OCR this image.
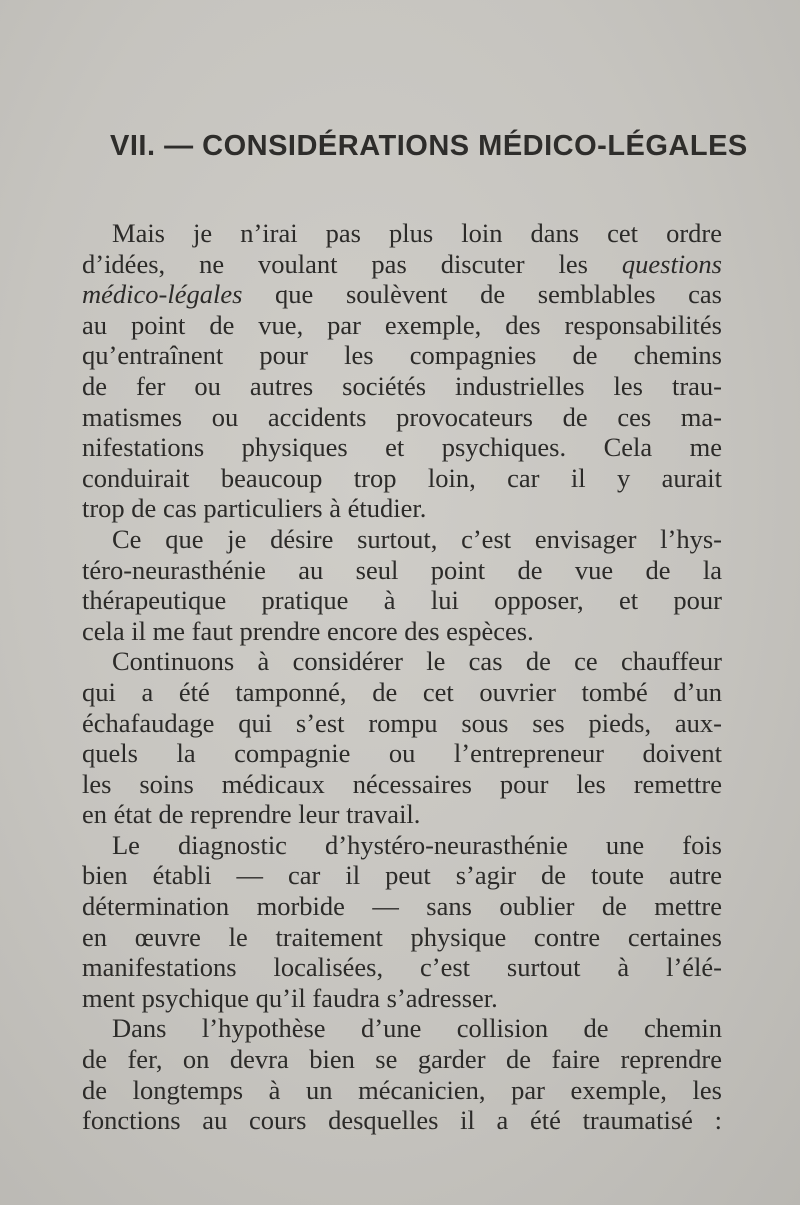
VII. — CONSIDÉRATIONS MÉDICO-LÉGALES
Mais je n’irai pas plus loin dans cet ordre
d’idées, ne voulant pas discuter les questions
médico-légales que soulèvent de semblables cas
au point de vue, par exemple, des responsabilités
qu’entraînent pour les compagnies de chemins
de fer ou autres sociétés industrielles les trau-
matismes ou accidents provocateurs de ces ma-
nifestations physiques et psychiques. Cela me
conduirait beaucoup trop loin, car il y aurait
trop de cas particuliers à étudier.
Ce que je désire surtout, c’est envisager l’hys-
téro-neurasthénie au seul point de vue de la
thérapeutique pratique à lui opposer, et pour
cela il me faut prendre encore des espèces.
Continuons à considérer le cas de ce chauffeur
qui a été tamponné, de cet ouvrier tombé d’un
échafaudage qui s’est rompu sous ses pieds, aux-
quels la compagnie ou l’entrepreneur doivent
les soins médicaux nécessaires pour les remettre
en état de reprendre leur travail.
Le diagnostic d’hystéro-neurasthénie une fois
bien établi — car il peut s’agir de toute autre
détermination morbide — sans oublier de mettre
en œuvre le traitement physique contre certaines
manifestations localisées, c’est surtout à l’élé-
ment psychique qu’il faudra s’adresser.
Dans l’hypothèse d’une collision de chemin
de fer, on devra bien se garder de faire reprendre
de longtemps à un mécanicien, par exemple, les
fonctions au cours desquelles il a été traumatisé :
